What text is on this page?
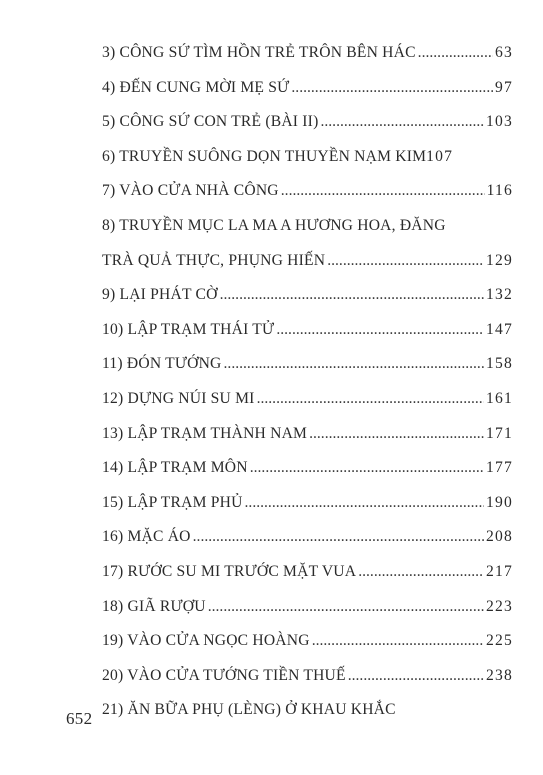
3) CÔNG SỨ TÌM HỒN TRẺ TRÔN BÊN HÁC .....	63
4) ĐẾN CUNG MỜI MẸ SỨ .....	97
5) CÔNG SỨ CON TRẺ (BÀI II) .....	103
6) TRUYỀN SUÔNG DỌN THUYỀN NẠM KIM 107
7) VÀO CỬA NHÀ CÔNG .....	116
8) TRUYỀN MỤC LA MA A HƯƠNG HOA, ĐĂNG
TRÀ QUẢ THỰC, PHỤNG HIẾN .....	129
9) LẠI PHÁT CỜ .....	132
10) LẬP TRẠM THÁI TỬ .....	147
11) ĐÓN TƯỚNG .....	158
12) DỰNG NÚI SU MI .....	161
13) LẬP TRẠM THÀNH NAM .....	171
14) LẬP TRẠM MÔN .....	177
15) LẬP TRẠM PHỦ .....	190
16) MẶC ÁO .....	208
17) RƯỚC SU MI TRƯỚC MẶT VUA .....	217
18) GIÃ RƯỢU .....	223
19) VÀO CỬA NGỌC HOÀNG .....	225
20) VÀO CỬA TƯỚNG TIỀN THUẾ .....	238
21) ĂN BỮA PHỤ (LÈNG) Ở KHAU KHẮC
652
